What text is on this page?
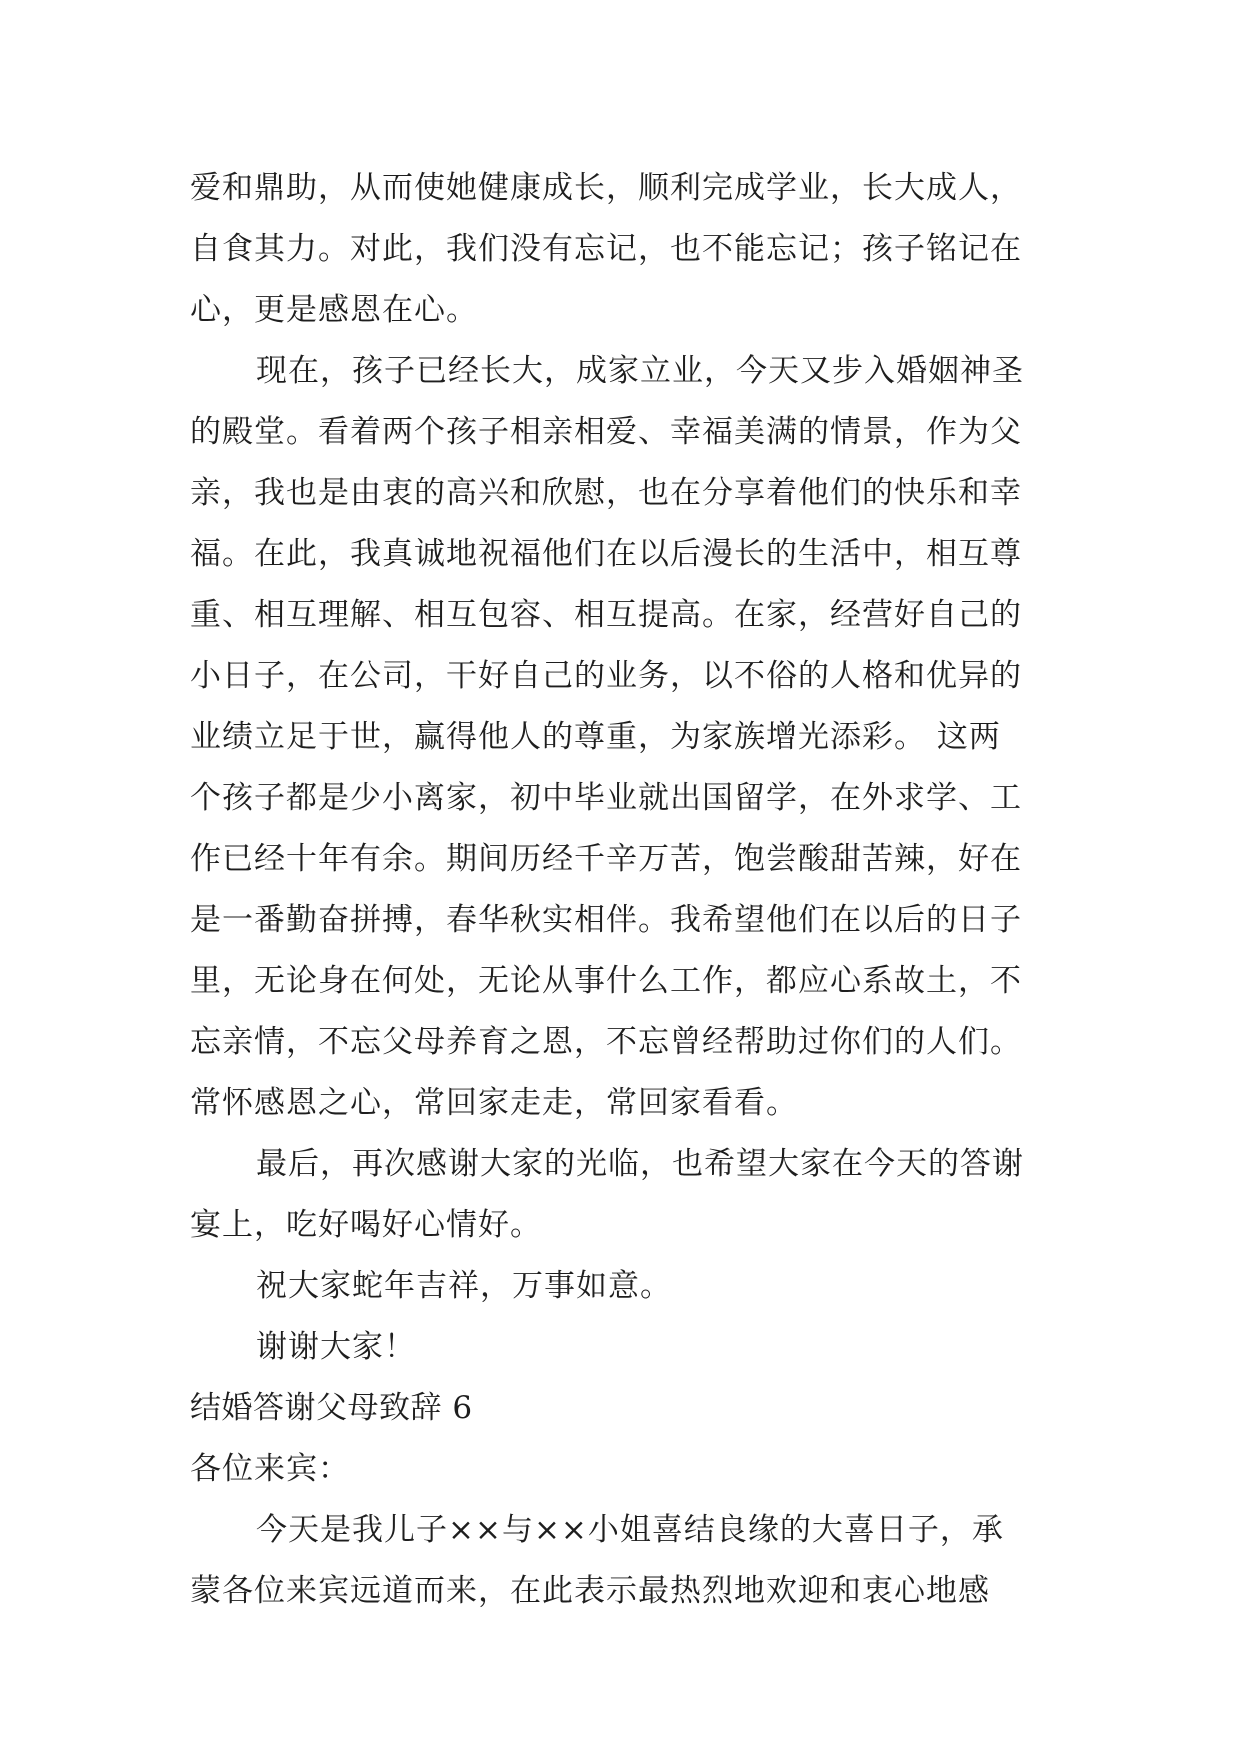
爱和鼎助，从而使她健康成长，顺利完成学业，长大成人，
自食其力。对此，我们没有忘记，也不能忘记；孩子铭记在
心，更是感恩在心。
现在，孩子已经长大，成家立业，今天又步入婚姻神圣
的殿堂。看着两个孩子相亲相爱、幸福美满的情景，作为父
亲，我也是由衷的高兴和欣慰，也在分享着他们的快乐和幸
福。在此，我真诚地祝福他们在以后漫长的生活中，相互尊
重、相互理解、相互包容、相互提高。在家，经营好自己的
小日子，在公司，干好自己的业务，以不俗的人格和优异的
业绩立足于世，赢得他人的尊重，为家族增光添彩。 这两
个孩子都是少小离家，初中毕业就出国留学，在外求学、工
作已经十年有余。期间历经千辛万苦，饱尝酸甜苦辣，好在
是一番勤奋拼搏，春华秋实相伴。我希望他们在以后的日子
里，无论身在何处，无论从事什么工作，都应心系故土，不
忘亲情，不忘父母养育之恩，不忘曾经帮助过你们的人们。
常怀感恩之心，常回家走走，常回家看看。
最后，再次感谢大家的光临，也希望大家在今天的答谢
宴上，吃好喝好心情好。
祝大家蛇年吉祥，万事如意。
谢谢大家！
结婚答谢父母致辞 6
各位来宾：
今天是我儿子××与××小姐喜结良缘的大喜日子，承
蒙各位来宾远道而来，在此表示最热烈地欢迎和衷心地感
